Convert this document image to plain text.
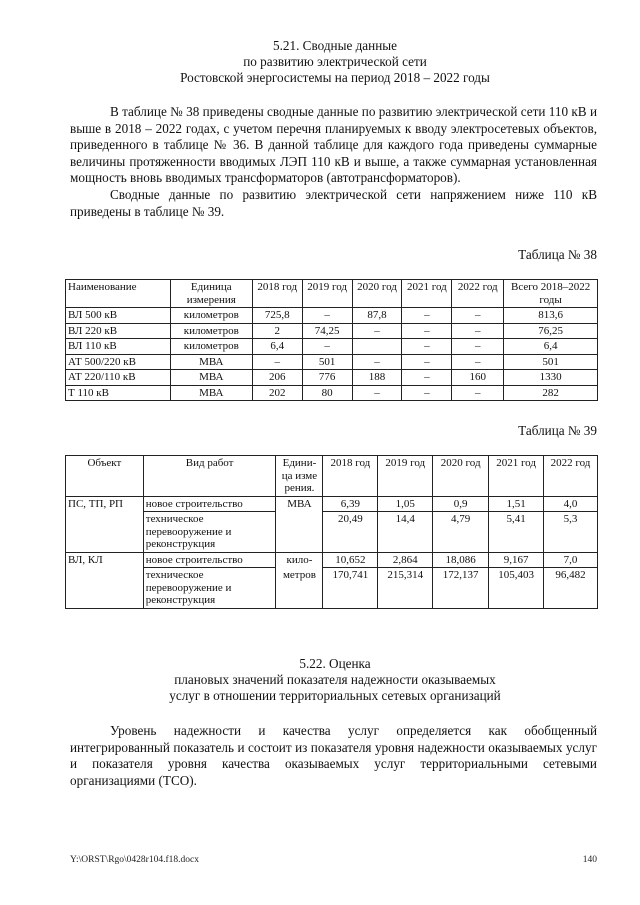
5.21. Сводные данные
по развитию электрической сети
Ростовской энергосистемы на период 2018 – 2022 годы

В таблице № 38 приведены сводные данные по развитию электрической сети 110 кВ и выше в 2018 – 2022 годах, с учетом перечня планируемых к вводу электросетевых объектов, приведенного в таблице № 36. В данной таблице для каждого года приведены суммарные величины протяженности вводимых ЛЭП 110 кВ и выше, а также суммарная установленная мощность вновь вводимых трансформаторов (автотрансформаторов).

Сводные данные по развитию электрической сети напряжением ниже 110 кВ приведены в таблице № 39.

Таблица № 38
Наименование	Единица измерения	2018 год	2019 год	2020 год	2021 год	2022 год	Всего 2018–2022 годы
ВЛ 500 кВ	километров	725,8	–	87,8	–	–	813,6
ВЛ 220 кВ	километров	2	74,25	–	–	–	76,25
ВЛ 110 кВ	километров	6,4	–		–	–	6,4
АТ 500/220 кВ	МВА	–	501	–	–	–	501
АТ 220/110 кВ	МВА	206	776	188	–	160	1330
Т 110 кВ	МВА	202	80	–	–	–	282
Таблица № 39
Объект	Вид работ	Едини-ца изме рения.	2018 год	2019 год	2020 год	2021 год	2022 год
ПС, ТП, РП	новое строительство	МВА	6,39	1,05	0,9	1,51	4,0
	техническое перевооружение и реконструкция		20,49	14,4	4,79	5,41	5,3
ВЛ, КЛ	новое строительство	кило-	10,652	2,864	18,086	9,167	7,0
	техническое перевооружение и реконструкция	метров	170,741	215,314	172,137	105,403	96,482
5.22. Оценка
плановых значений показателя надежности оказываемых
услуг в отношении территориальных сетевых организаций

Уровень надежности и качества услуг определяется как обобщенный интегрированный показатель и состоит из показателя уровня надежности оказываемых услуг и показателя уровня качества оказываемых услуг территориальными сетевыми организациями (ТСО).

Y:\ORST\Rgo\0428r104.f18.docx	140
